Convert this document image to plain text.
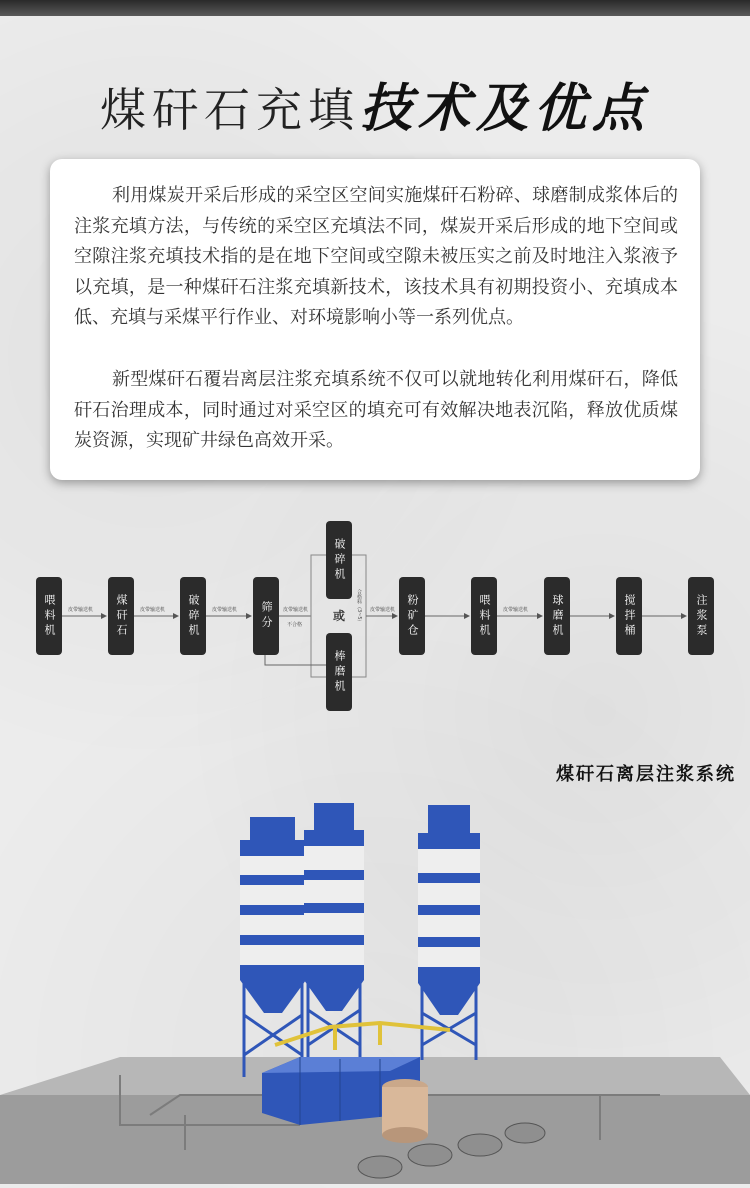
煤矸石充填技术及优点

利用煤炭开采后形成的采空区空间实施煤矸石粉碎、球磨制成浆体后的注浆充填方法，与传统的采空区充填法不同，煤炭开采后形成的地下空间或空隙注浆充填技术指的是在地下空间或空隙未被压实之前及时地注入浆液予以充填，是一种煤矸石注浆充填新技术，该技术具有初期投资小、充填成本低、充填与采煤平行作业、对环境影响小等一系列优点。

新型煤矸石覆岩离层注浆充填系统不仅可以就地转化利用煤矸石，降低矸石治理成本，同时通过对采空区的填充可有效解决地表沉陷，释放优质煤炭资源，实现矿井绿色高效开采。

喂料机	煤矸石	破碎机	筛分
破碎机
或
棒磨机
粉矿仓	喂料机	球磨机	搅拌桶	注浆泵
皮带输送机	皮带输送机	皮带输送机	皮带输送机
不合格
合格料（3~5） 皮带输送机	皮带输送机
煤矸石离层注浆系统
